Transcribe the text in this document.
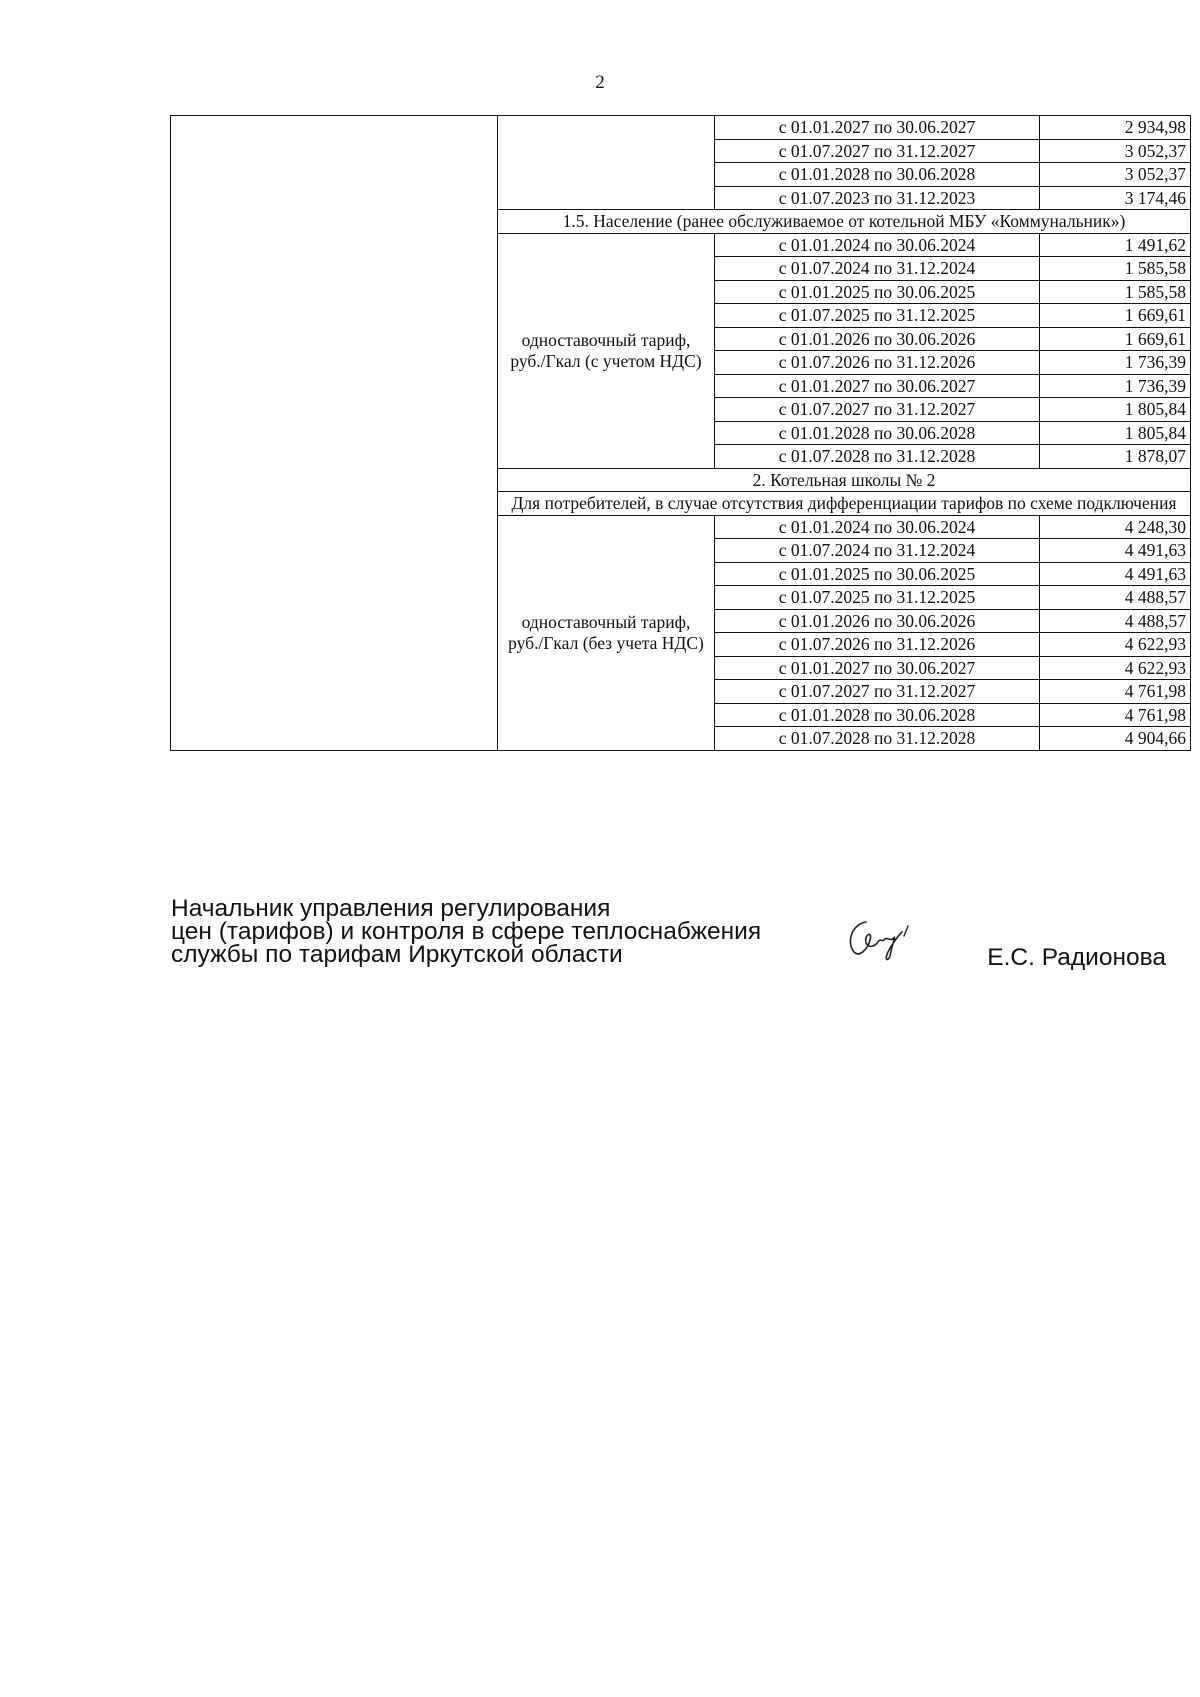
2
		с 01.01.2027 по 30.06.2027	2 934,98
		с 01.07.2027 по 31.12.2027	3 052,37
		с 01.01.2028 по 30.06.2028	3 052,37
		с 01.07.2023 по 31.12.2023	3 174,46
	1.5. Население (ранее обслуживаемое от котельной МБУ «Коммунальник»)		
	одноставочный тариф, руб./Гкал (с учетом НДС)	с 01.01.2024 по 30.06.2024	1 491,62
		с 01.07.2024 по 31.12.2024	1 585,58
		с 01.01.2025 по 30.06.2025	1 585,58
		с 01.07.2025 по 31.12.2025	1 669,61
		с 01.01.2026 по 30.06.2026	1 669,61
		с 01.07.2026 по 31.12.2026	1 736,39
		с 01.01.2027 по 30.06.2027	1 736,39
		с 01.07.2027 по 31.12.2027	1 805,84
		с 01.01.2028 по 30.06.2028	1 805,84
		с 01.07.2028 по 31.12.2028	1 878,07
	2. Котельная школы № 2		
	Для потребителей, в случае отсутствия дифференциации тарифов по схеме подключения		
	одноставочный тариф, руб./Гкал (без учета НДС)	с 01.01.2024 по 30.06.2024	4 248,30
		с 01.07.2024 по 31.12.2024	4 491,63
		с 01.01.2025 по 30.06.2025	4 491,63
		с 01.07.2025 по 31.12.2025	4 488,57
		с 01.01.2026 по 30.06.2026	4 488,57
		с 01.07.2026 по 31.12.2026	4 622,93
		с 01.01.2027 по 30.06.2027	4 622,93
		с 01.07.2027 по 31.12.2027	4 761,98
		с 01.01.2028 по 30.06.2028	4 761,98
		с 01.07.2028 по 31.12.2028	4 904,66
Начальник управления регулирования
цен (тарифов) и контроля в сфере теплоснабжения
службы по тарифам Иркутской области	Е.С. Радионова
